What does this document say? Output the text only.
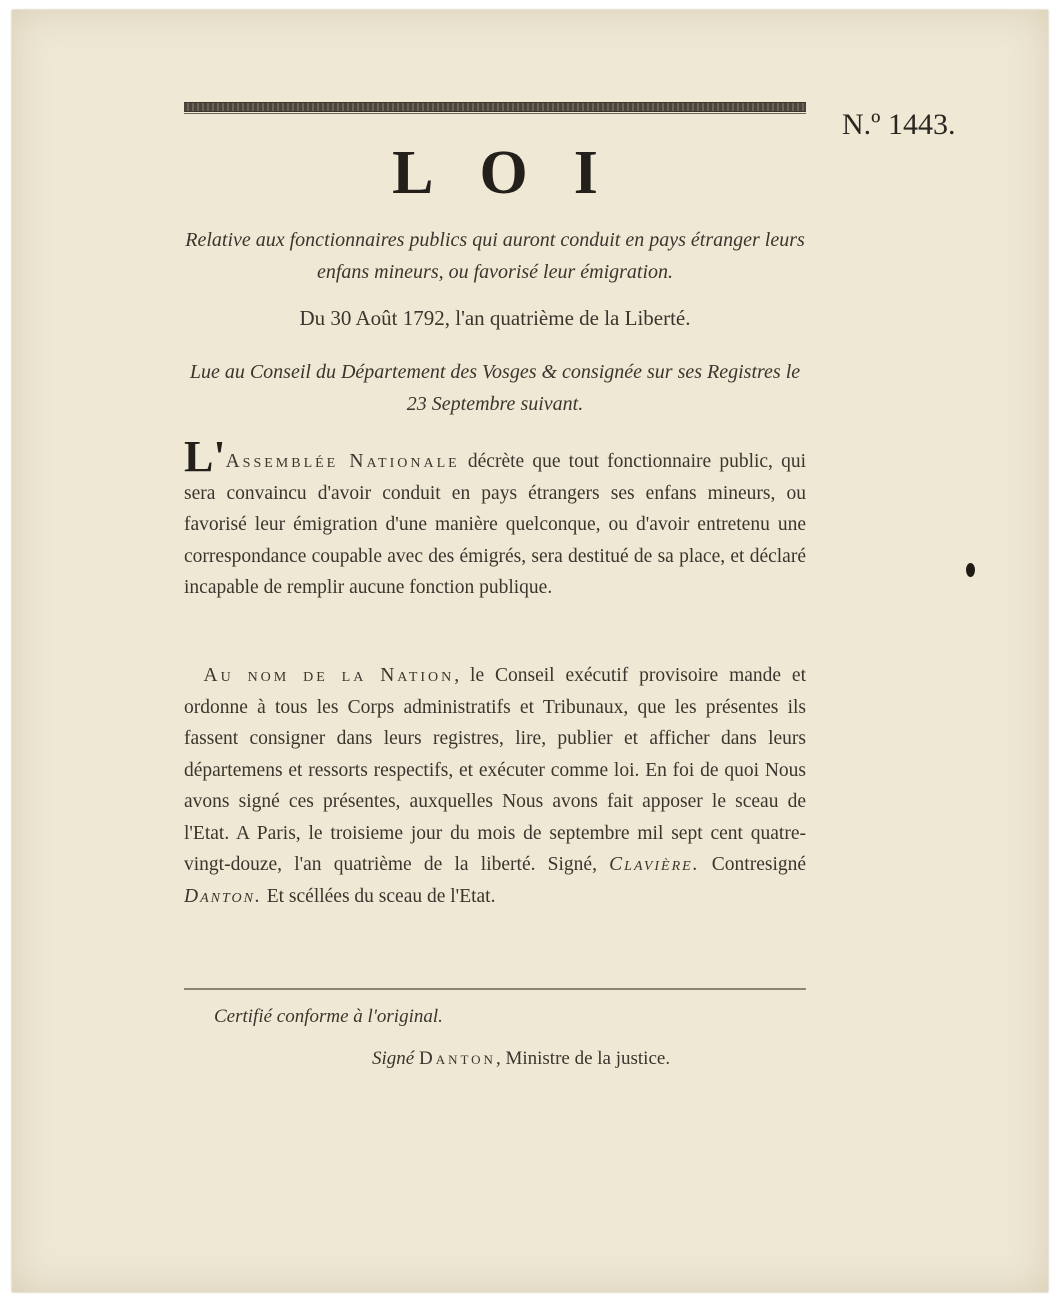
N.º 1443.
LOI
Relative aux fonctionnaires publics qui auront conduit en pays étranger leurs enfans mineurs, ou favorisé leur émigration.
Du 30 Août 1792, l'an quatrième de la Liberté.
Lue au Conseil du Département des Vosges & consignée sur ses Registres le 23 Septembre suivant.
L'Assemblée Nationale décrète que tout fonctionnaire public, qui sera convaincu d'avoir conduit en pays étrangers ses enfans mineurs, ou favorisé leur émigration d'une manière quelconque, ou d'avoir entretenu une correspondance coupable avec des émigrés, sera destitué de sa place, et déclaré incapable de remplir aucune fonction publique.
 Au nom de la Nation, le Conseil exécutif provisoire mande et ordonne à tous les Corps administratifs et Tribunaux, que les présentes ils fassent consigner dans leurs registres, lire, publier et afficher dans leurs départemens et ressorts respectifs, et exécuter comme loi. En foi de quoi Nous avons signé ces présentes, auxquelles Nous avons fait apposer le sceau de l'Etat. A Paris, le troisieme jour du mois de septembre mil sept cent quatre-vingt-douze, l'an quatrième de la liberté. Signé, Clavière. Contresigné Danton. Et scéllées du sceau de l'Etat.
Certifié conforme à l'original.
Signé Danton, Ministre de la justice.
